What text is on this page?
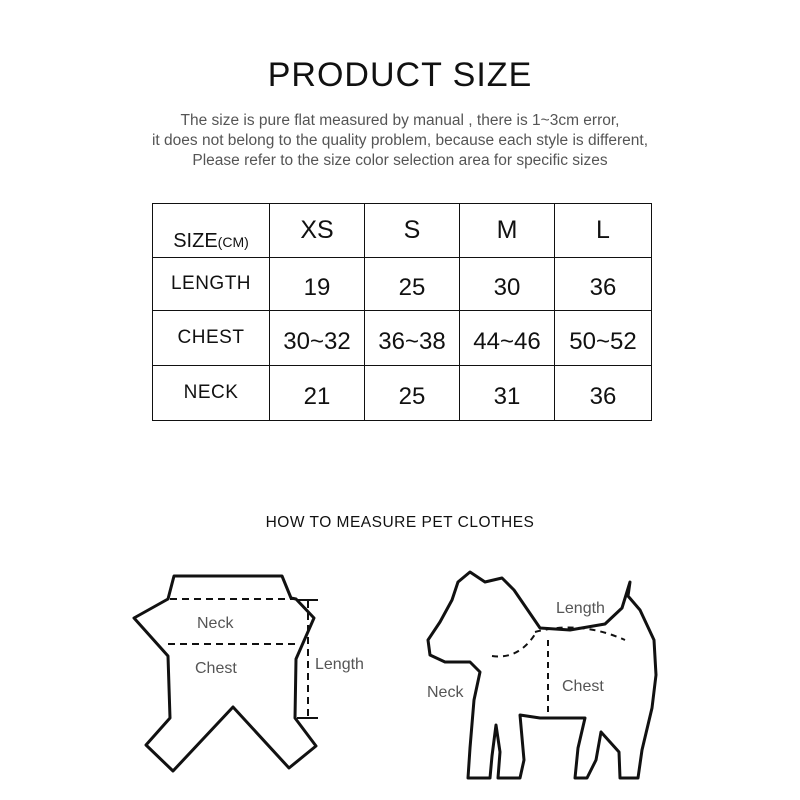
PRODUCT SIZE
The size is pure flat measured by manual , there is 1~3cm error,
it does not belong to the quality problem, because each style is different,
Please refer to the size color selection area for specific sizes
SIZE(CM)	XS	S	M	L
LENGTH	19	25	30	36
CHEST	30~32	36~38	44~46	50~52
NECK	21	25	31	36
HOW TO MEASURE PET CLOTHES
Neck
Chest	Length
Length
Neck	Chest
